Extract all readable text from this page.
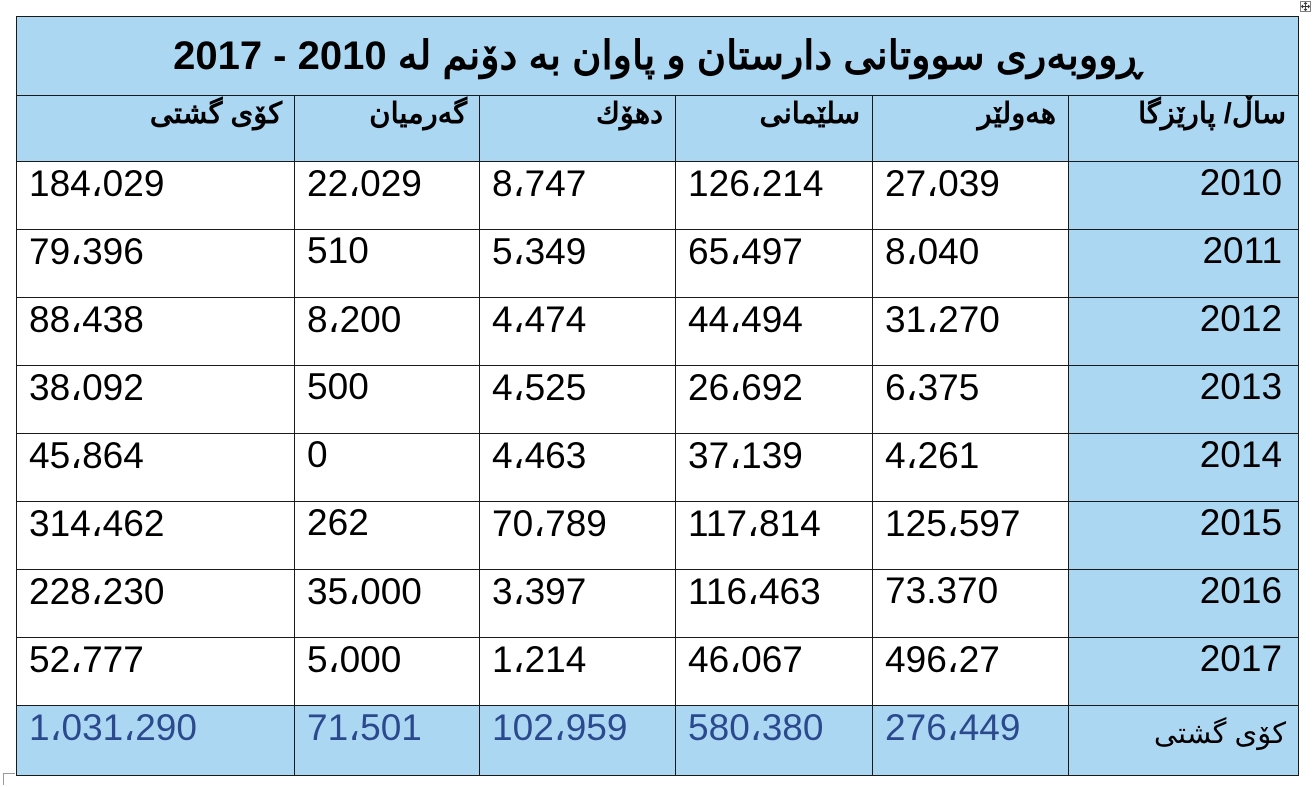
ڕووبەری سووتانی دارستان و پاوان بە دۆنم لە 2010 - 2017					
ساڵ/ پارێزگا	هەولێر	سلێمانی	دهۆك	گەرمیان	كۆی گشتی
2010	27،039	126،214	8،747	22،029	184،029
2011	8،040	65،497	5،349	510	79،396
2012	31،270	44،494	4،474	8،200	88،438
2013	6،375	26،692	4،525	500	38،092
2014	4،261	37،139	4،463	0	45،864
2015	125،597	117،814	70،789	262	314،462
2016	73.370	116،463	3،397	35،000	228،230
2017	496،27	46،067	1،214	5،000	52،777
كۆی گشتی	276،449	580،380	102،959	71،501	1،031،290
